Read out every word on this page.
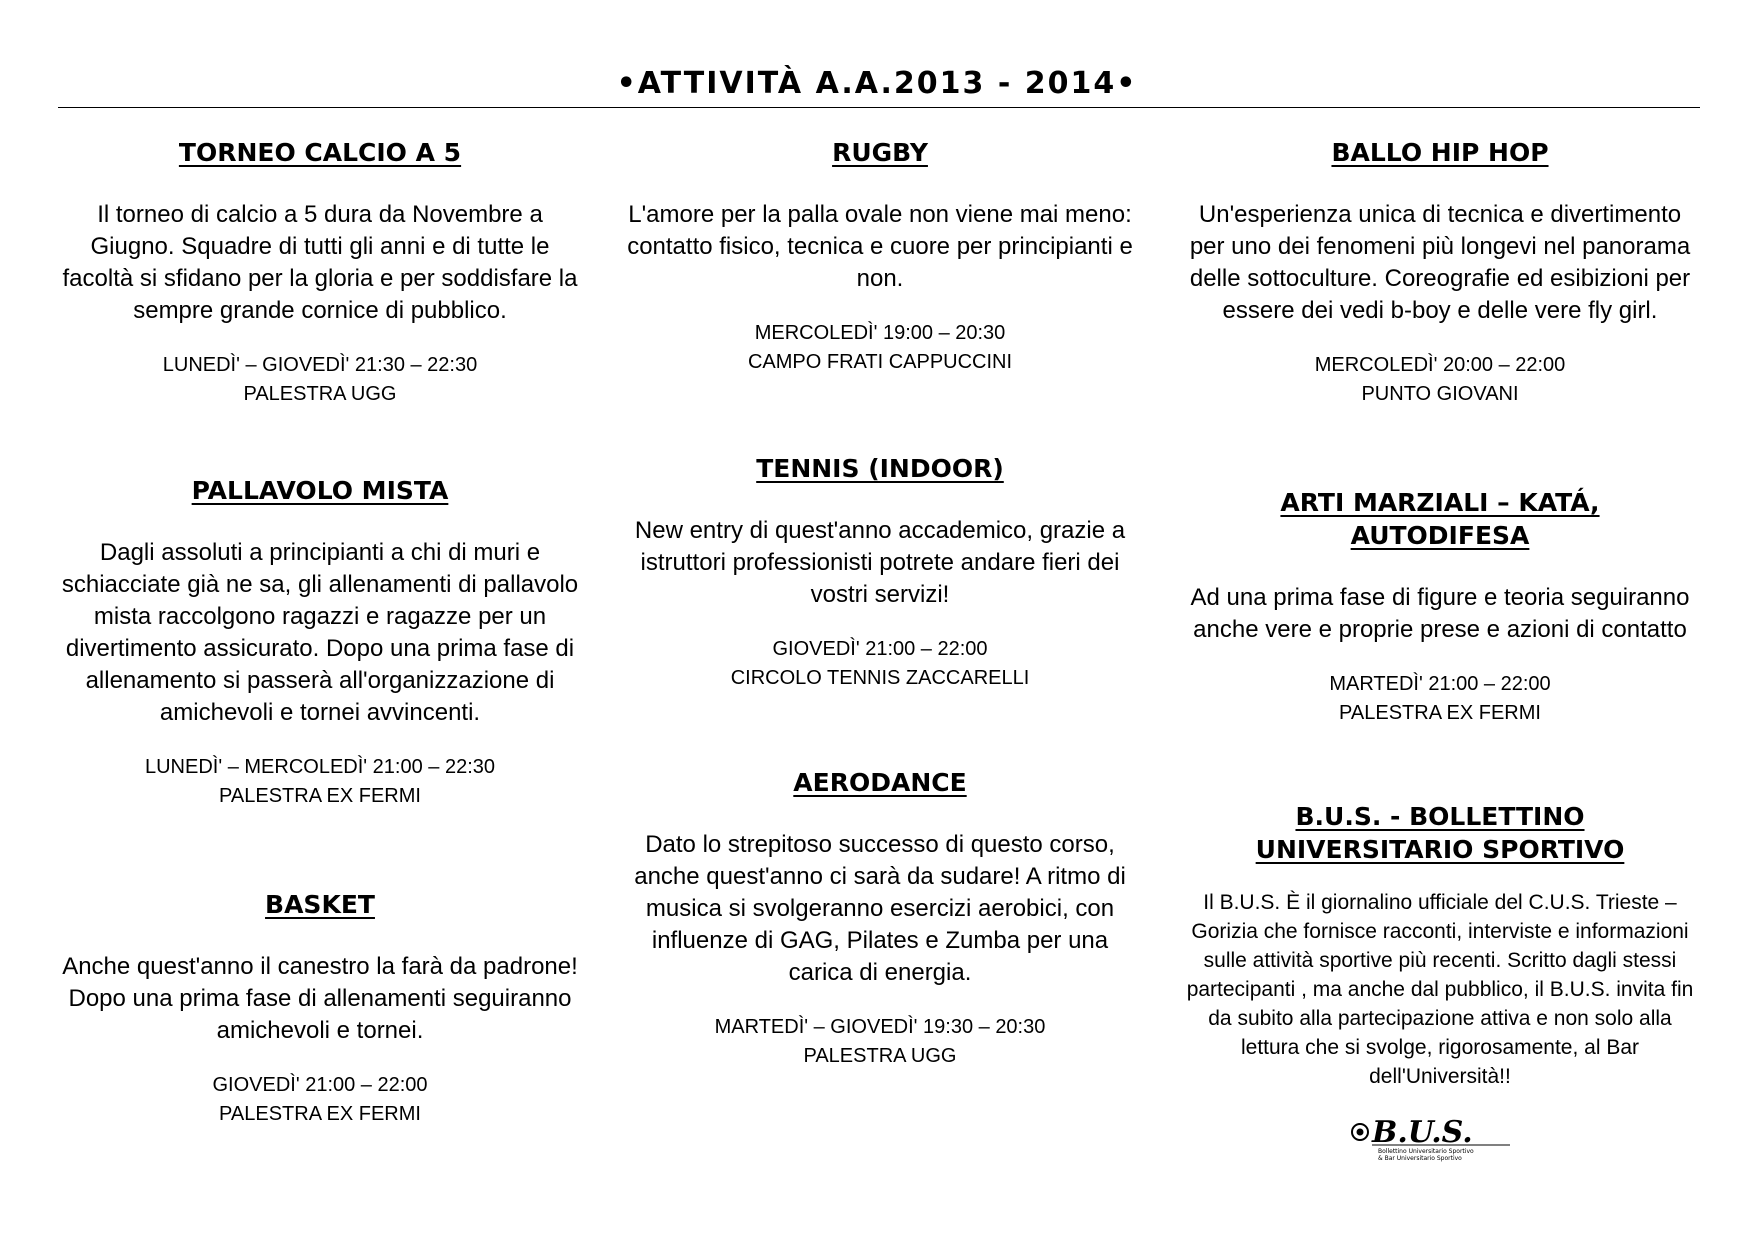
•ATTIVITÀ A.A.2013 - 2014•
TORNEO CALCIO A 5
Il torneo di calcio a 5 dura da Novembre a Giugno. Squadre di tutti gli anni e di tutte le facoltà si sfidano per la gloria e per soddisfare la sempre grande cornice di pubblico.
LUNEDÌ' – GIOVEDÌ' 21:30 – 22:30
PALESTRA UGG
PALLAVOLO MISTA
Dagli assoluti a principianti a chi di muri e schiacciate già ne sa, gli allenamenti di pallavolo mista raccolgono ragazzi e ragazze per un divertimento assicurato. Dopo una prima fase di allenamento si passerà all'organizzazione di amichevoli e tornei avvincenti.
LUNEDÌ' – MERCOLEDÌ' 21:00 – 22:30
PALESTRA EX FERMI
BASKET
Anche quest'anno il canestro la farà da padrone! Dopo una prima fase di allenamenti seguiranno amichevoli e tornei.
GIOVEDÌ' 21:00 – 22:00
PALESTRA EX FERMI
RUGBY
L'amore per la palla ovale non viene mai meno: contatto fisico, tecnica e cuore per principianti e non.
MERCOLEDÌ' 19:00 – 20:30
CAMPO FRATI CAPPUCCINI
TENNIS (INDOOR)
New entry di quest'anno accademico, grazie a istruttori professionisti potrete andare fieri dei vostri servizi!
GIOVEDÌ' 21:00 – 22:00
CIRCOLO TENNIS ZACCARELLI
AERODANCE
Dato lo strepitoso successo di questo corso, anche quest'anno ci sarà da sudare! A ritmo di musica si svolgeranno esercizi aerobici, con influenze di GAG, Pilates e Zumba per una carica di energia.
MARTEDÌ' – GIOVEDÌ' 19:30 – 20:30
PALESTRA UGG
BALLO HIP HOP
Un'esperienza unica di tecnica e divertimento per uno dei fenomeni più longevi nel panorama delle sottoculture. Coreografie ed esibizioni per essere dei vedi b-boy e delle vere fly girl.
MERCOLEDÌ' 20:00 – 22:00
PUNTO GIOVANI
ARTI MARZIALI – KATÁ, AUTODIFESA
Ad una prima fase di figure e teoria seguiranno anche vere e proprie prese e azioni di contatto
MARTEDÌ' 21:00 – 22:00
PALESTRA EX FERMI
B.U.S. - BOLLETTINO UNIVERSITARIO SPORTIVO
Il B.U.S. È il giornalino ufficiale del C.U.S. Trieste – Gorizia che fornisce racconti, interviste e informazioni sulle attività sportive più recenti. Scritto dagli stessi partecipanti , ma anche dal pubblico, il B.U.S. invita fin da subito alla partecipazione attiva e non solo alla lettura che si svolge, rigorosamente, al Bar dell'Università!!
B.U.S.
Bollettino Universitario Sportivo
& Bar Universitario Sportivo
